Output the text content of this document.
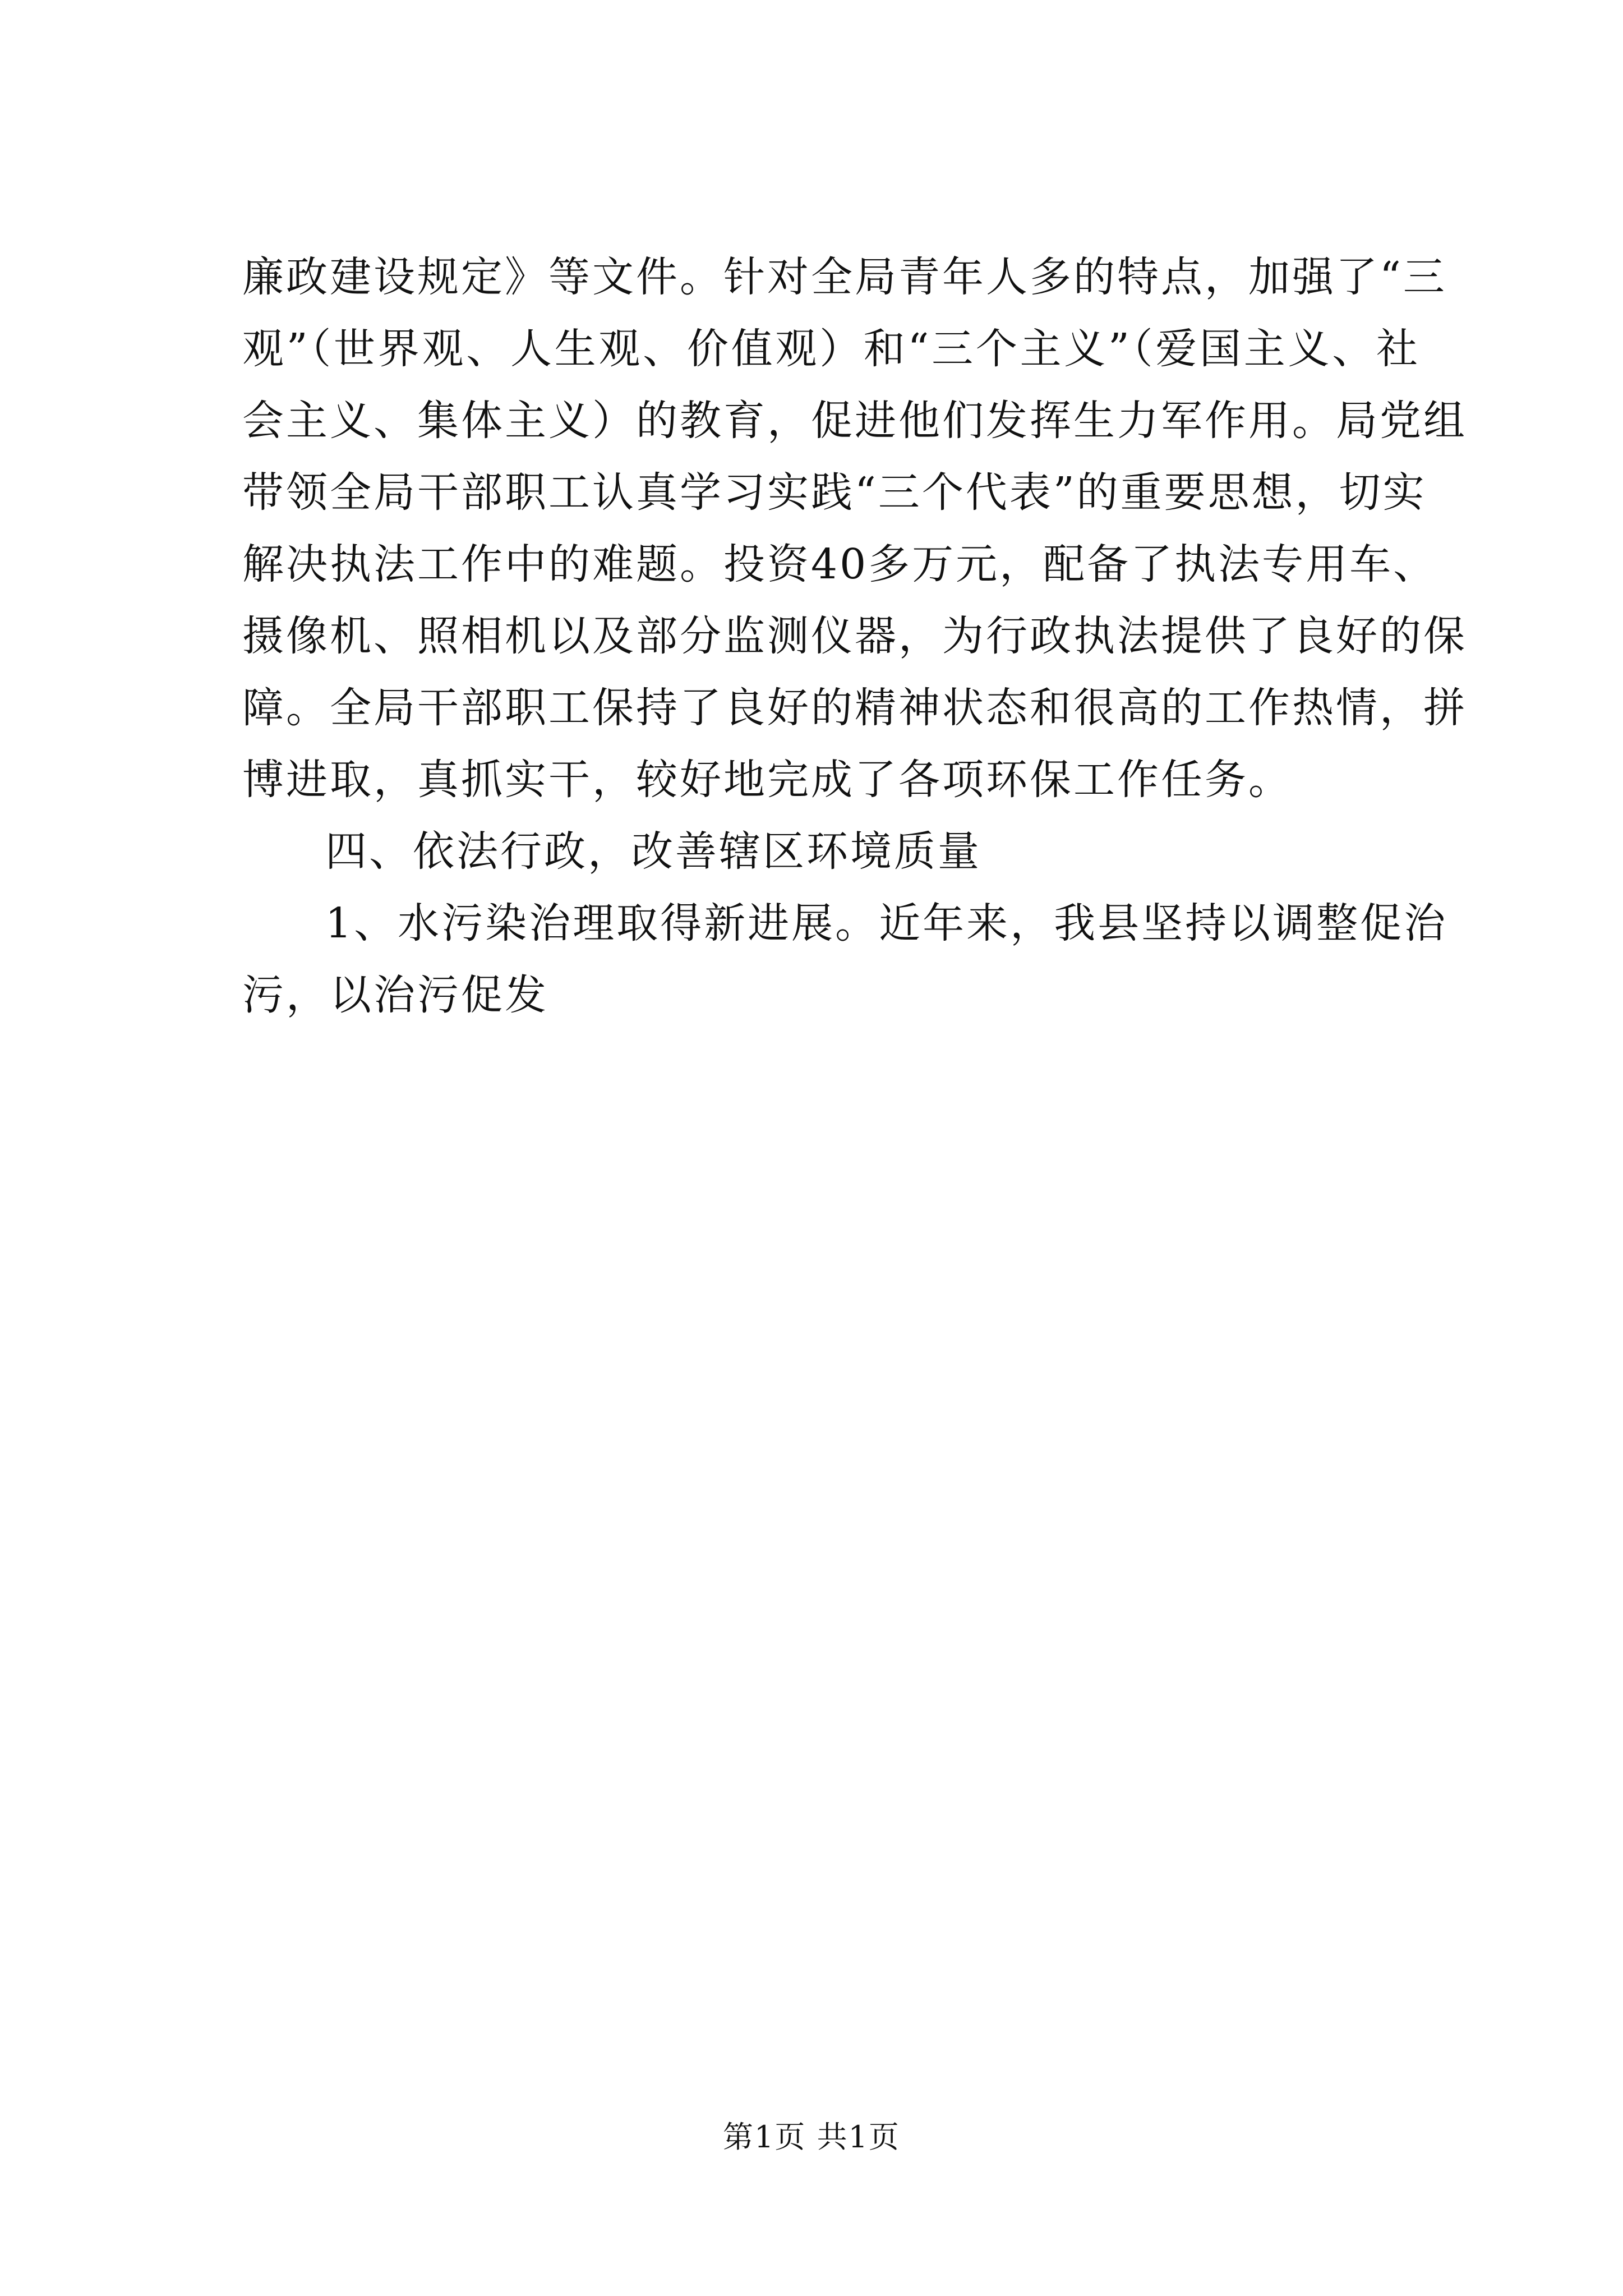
廉政建设规定》等文件。针对全局青年人多的特点，加强了“三
观”（世界观、人生观、价值观）和“三个主义”（爱国主义、社
会主义、集体主义）的教育，促进他们发挥生力军作用。局党组
带领全局干部职工认真学习实践“三个代表”的重要思想，切实
解决执法工作中的难题。投资40多万元，配备了执法专用车、
摄像机、照相机以及部分监测仪器，为行政执法提供了良好的保
障。全局干部职工保持了良好的精神状态和很高的工作热情，拼
博进取，真抓实干，较好地完成了各项环保工作任务。
四、依法行政，改善辖区环境质量
1、水污染治理取得新进展。近年来，我县坚持以调整促治
污，以治污促发
第1页 共1页
